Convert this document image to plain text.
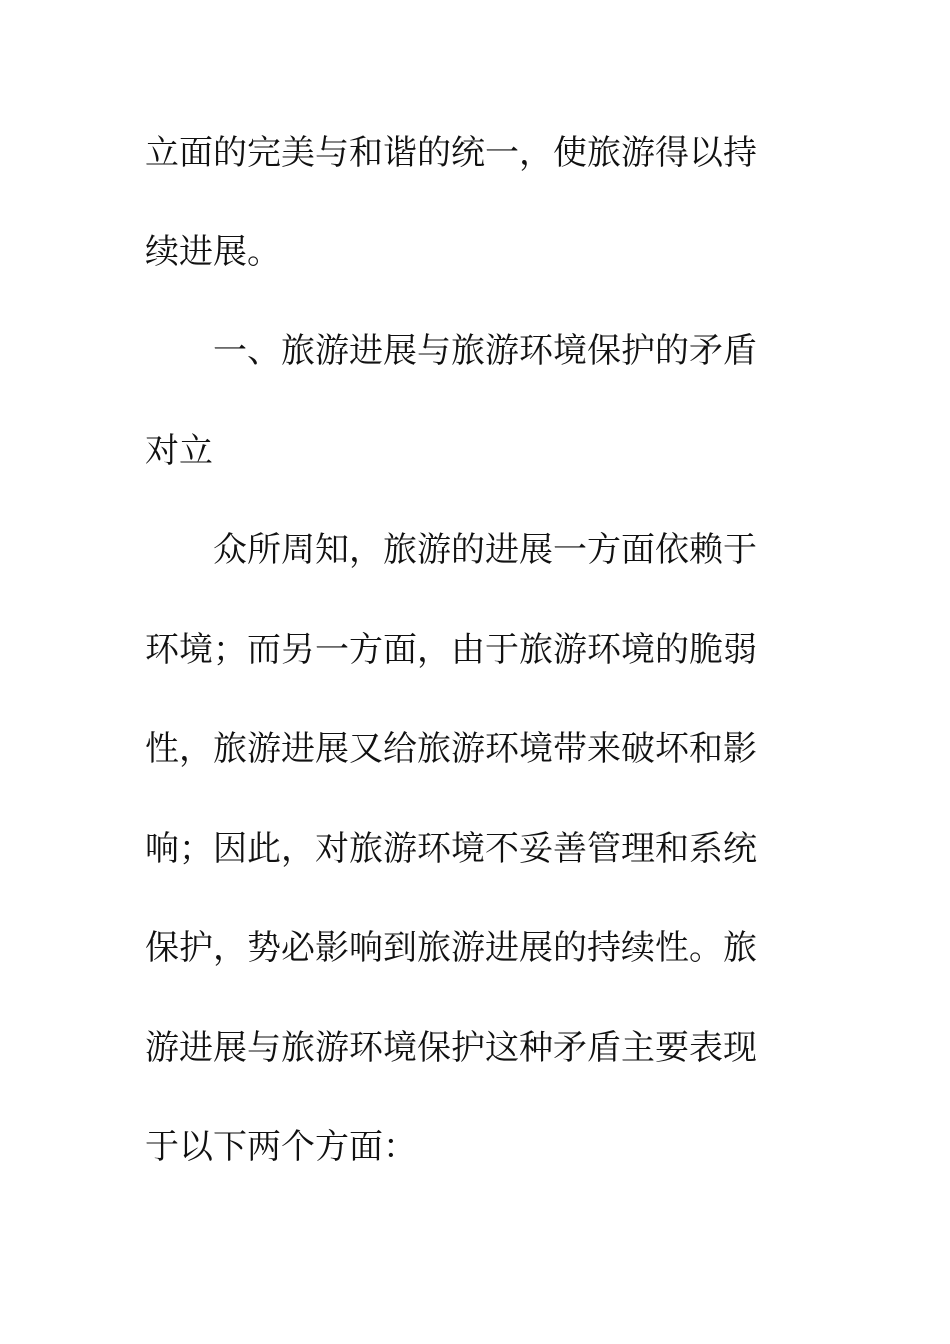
立面的完美与和谐的统一，使旅游得以持
续进展。
一、旅游进展与旅游环境保护的矛盾
对立
众所周知，旅游的进展一方面依赖于
环境；而另一方面，由于旅游环境的脆弱
性，旅游进展又给旅游环境带来破坏和影
响；因此，对旅游环境不妥善管理和系统
保护，势必影响到旅游进展的持续性。旅
游进展与旅游环境保护这种矛盾主要表现
于以下两个方面：
